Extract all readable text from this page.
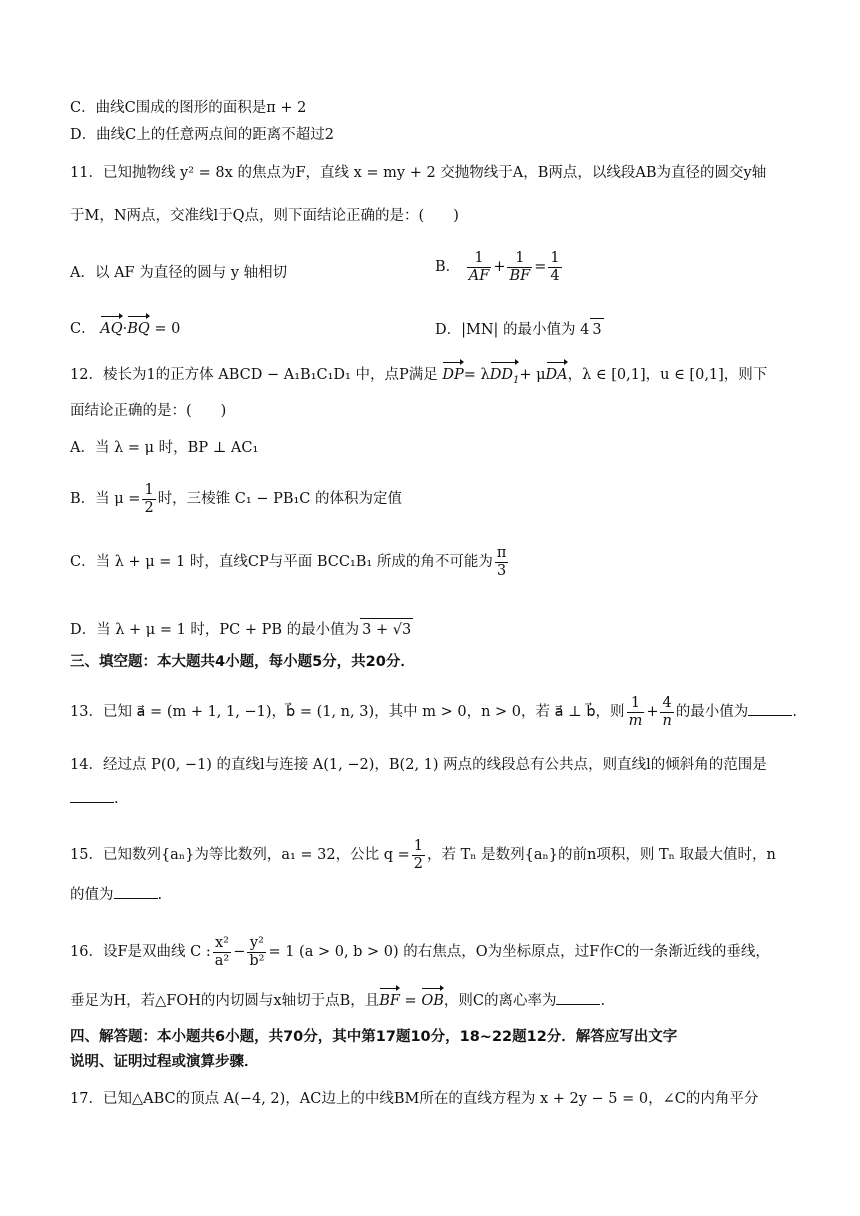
C．曲线C围成的图形的面积是π + 2
D．曲线C上的任意两点间的距离不超过2
11．已知抛物线 y² = 8x 的焦点为F，直线 x = my + 2 交抛物线于A，B两点，以线段AB为直径的圆交y轴
于M，N两点，交准线l于Q点，则下面结论正确的是：(　　)
A．以 AF 为直径的圆与 y 轴相切	B． $\frac{1}{AF} + \frac{1}{BF} = \frac{1}{4}$
C． AQ·BQ = 0	D．|MN| 的最小值为 4 3
12．棱长为1的正方体 ABCD − A₁B₁C₁D₁ 中，点P满足 DP= λDD$_1$+ μDA，λ ∈ [0,1]，u ∈ [0,1]，则下
面结论正确的是：(　　)
A．当 λ = μ 时，BP ⊥ AC₁
B．当 $\mu = \frac{1}{2}$ 时，三棱锥 C₁ − PB₁C 的体积为定值
C．当 λ + μ = 1 时，直线CP与平面 BCC₁B₁ 所成的角不可能为 $\frac{\pi}{3}$
D．当 λ + μ = 1 时，PC + PB 的最小值为 3 + √3
三、填空题：本大题共4小题，每小题5分，共20分．
13．已知 a⃗ = (m + 1, 1, −1)，b⃗ = (1, n, 3)，其中 m > 0，n > 0，若 a⃗ ⊥ b⃗，则 $\frac{1}{m} + \frac{4}{n}$ 的最小值为	.
14．经过点 P(0, −1) 的直线l与连接 A(1, −2)，B(2, 1) 两点的线段总有公共点，则直线l的倾斜角的范围是
.
15．已知数列{aₙ}为等比数列，a₁ = 32，公比 $q = \frac{1}{2}$ ，若 Tₙ 是数列{aₙ}的前n项积，则 Tₙ 取最大值时，n
的值为	.
16．设F是双曲线 C : $\frac{\text{x²}}{\text{a²}} - \frac{\text{y²}}{\text{b²}} = 1$ (a > 0, b > 0) 的右焦点，O为坐标原点，过F作C的一条渐近线的垂线，
垂足为H，若△FOH的内切圆与x轴切于点B，且BF = OB，则C的离心率为	.
四、解答题：本小题共6小题，共70分，其中第17题10分，18~22题12分．解答应写出文字
说明、证明过程或演算步骤．
17．已知△ABC的顶点 A(−4, 2)，AC边上的中线BM所在的直线方程为 x + 2y − 5 = 0，∠C的内角平分
